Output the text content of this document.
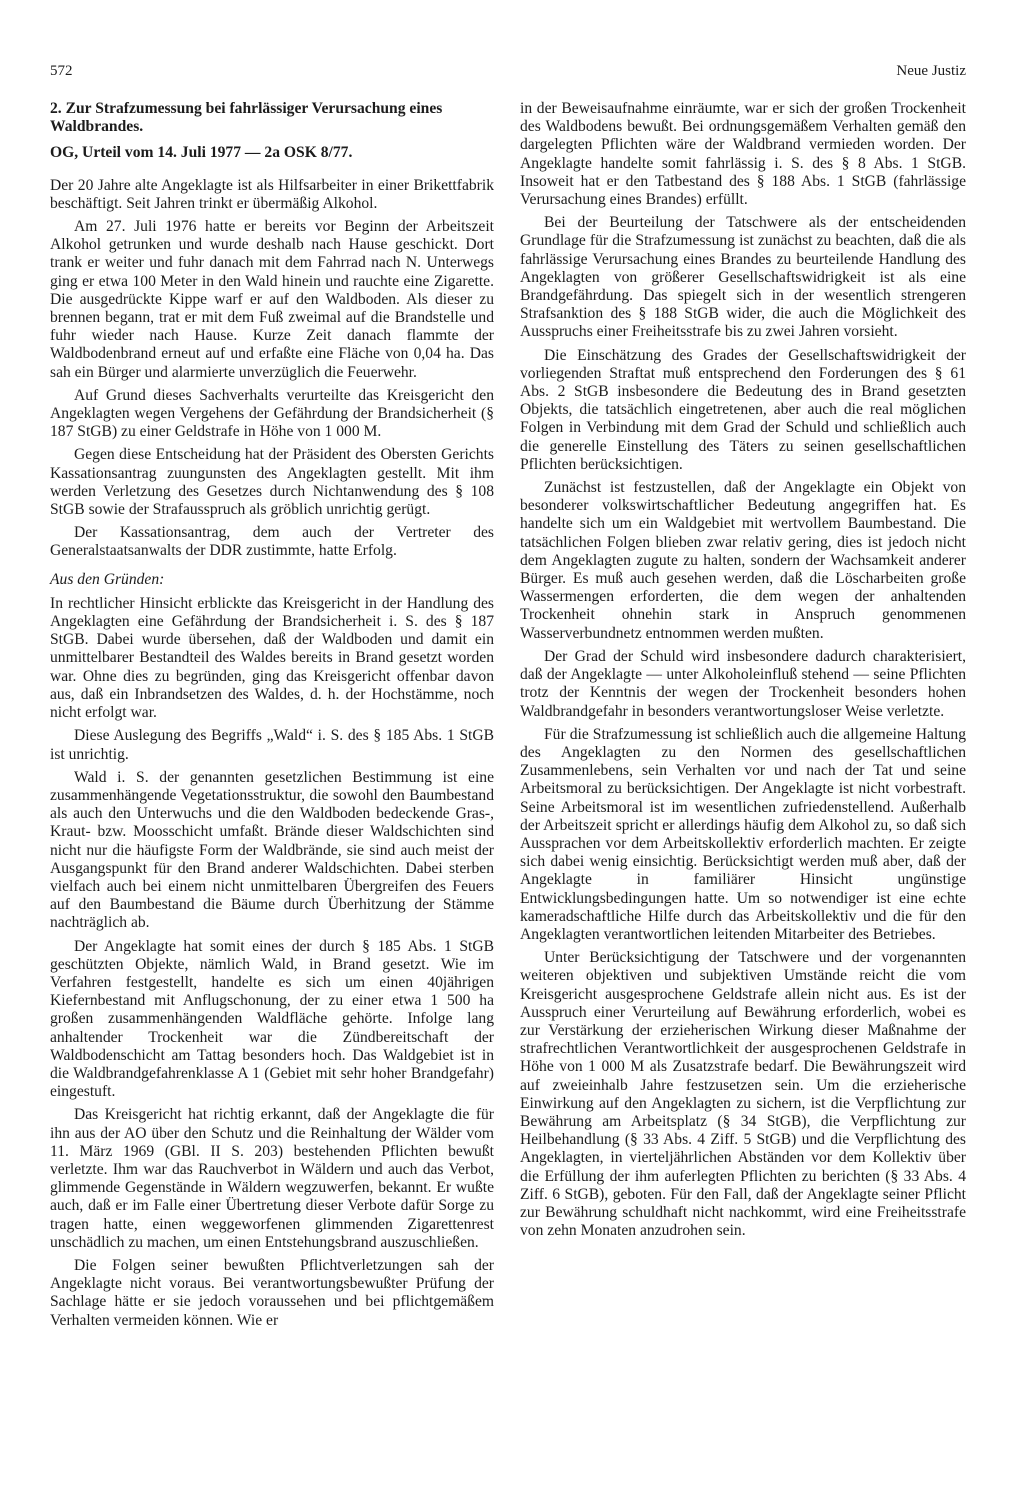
572	Neue Justiz
2. Zur Strafzumessung bei fahrlässiger Verursachung eines Waldbrandes.
OG, Urteil vom 14. Juli 1977 — 2a OSK 8/77.

Der 20 Jahre alte Angeklagte ist als Hilfsarbeiter in einer Brikettfabrik beschäftigt. Seit Jahren trinkt er übermäßig Alkohol.

Am 27. Juli 1976 hatte er bereits vor Beginn der Arbeitszeit Alkohol getrunken und wurde deshalb nach Hause geschickt. Dort trank er weiter und fuhr danach mit dem Fahrrad nach N. Unterwegs ging er etwa 100 Meter in den Wald hinein und rauchte eine Zigarette. Die ausgedrückte Kippe warf er auf den Waldboden. Als dieser zu brennen begann, trat er mit dem Fuß zweimal auf die Brandstelle und fuhr wieder nach Hause. Kurze Zeit danach flammte der Waldbodenbrand erneut auf und erfaßte eine Fläche von 0,04 ha. Das sah ein Bürger und alarmierte unverzüglich die Feuerwehr.

Auf Grund dieses Sachverhalts verurteilte das Kreisgericht den Angeklagten wegen Vergehens der Gefährdung der Brandsicherheit (§ 187 StGB) zu einer Geldstrafe in Höhe von 1 000 M.

Gegen diese Entscheidung hat der Präsident des Obersten Gerichts Kassationsantrag zuungunsten des Angeklagten gestellt. Mit ihm werden Verletzung des Gesetzes durch Nichtanwendung des § 108 StGB sowie der Strafausspruch als gröblich unrichtig gerügt.

Der Kassationsantrag, dem auch der Vertreter des Generalstaatsanwalts der DDR zustimmte, hatte Erfolg.

Aus den Gründen:

In rechtlicher Hinsicht erblickte das Kreisgericht in der Handlung des Angeklagten eine Gefährdung der Brandsicherheit i. S. des § 187 StGB. Dabei wurde übersehen, daß der Waldboden und damit ein unmittelbarer Bestandteil des Waldes bereits in Brand gesetzt worden war. Ohne dies zu begründen, ging das Kreisgericht offenbar davon aus, daß ein Inbrandsetzen des Waldes, d. h. der Hochstämme, noch nicht erfolgt war.

Diese Auslegung des Begriffs „Wald“ i. S. des § 185 Abs. 1 StGB ist unrichtig.

Wald i. S. der genannten gesetzlichen Bestimmung ist eine zusammenhängende Vegetationsstruktur, die sowohl den Baumbestand als auch den Unterwuchs und die den Waldboden bedeckende Gras-, Kraut- bzw. Moosschicht umfaßt. Brände dieser Waldschichten sind nicht nur die häufigste Form der Waldbrände, sie sind auch meist der Ausgangspunkt für den Brand anderer Waldschichten. Dabei sterben vielfach auch bei einem nicht unmittelbaren Übergreifen des Feuers auf den Baumbestand die Bäume durch Überhitzung der Stämme nachträglich ab.

Der Angeklagte hat somit eines der durch § 185 Abs. 1 StGB geschützten Objekte, nämlich Wald, in Brand gesetzt. Wie im Verfahren festgestellt, handelte es sich um einen 40jährigen Kiefernbestand mit Anflugschonung, der zu einer etwa 1 500 ha großen zusammenhängenden Waldfläche gehörte. Infolge lang anhaltender Trockenheit war die Zündbereitschaft der Waldbodenschicht am Tattag besonders hoch. Das Waldgebiet ist in die Waldbrandgefahrenklasse A 1 (Gebiet mit sehr hoher Brandgefahr) eingestuft.

Das Kreisgericht hat richtig erkannt, daß der Angeklagte die für ihn aus der AO über den Schutz und die Reinhaltung der Wälder vom 11. März 1969 (GBl. II S. 203) bestehenden Pflichten bewußt verletzte. Ihm war das Rauchverbot in Wäldern und auch das Verbot, glimmende Gegenstände in Wäldern wegzuwerfen, bekannt. Er wußte auch, daß er im Falle einer Übertretung dieser Verbote dafür Sorge zu tragen hatte, einen weggeworfenen glimmenden Zigarettenrest unschädlich zu machen, um einen Entstehungsbrand auszuschließen.

Die Folgen seiner bewußten Pflichtverletzungen sah der Angeklagte nicht voraus. Bei verantwortungsbewußter Prüfung der Sachlage hätte er sie jedoch voraussehen und bei pflichtgemäßem Verhalten vermeiden können. Wie er

in der Beweisaufnahme einräumte, war er sich der großen Trockenheit des Waldbodens bewußt. Bei ordnungsgemäßem Verhalten gemäß den dargelegten Pflichten wäre der Waldbrand vermieden worden. Der Angeklagte handelte somit fahrlässig i. S. des § 8 Abs. 1 StGB. Insoweit hat er den Tatbestand des § 188 Abs. 1 StGB (fahrlässige Verursachung eines Brandes) erfüllt.

Bei der Beurteilung der Tatschwere als der entscheidenden Grundlage für die Strafzumessung ist zunächst zu beachten, daß die als fahrlässige Verursachung eines Brandes zu beurteilende Handlung des Angeklagten von größerer Gesellschaftswidrigkeit ist als eine Brandgefährdung. Das spiegelt sich in der wesentlich strengeren Strafsanktion des § 188 StGB wider, die auch die Möglichkeit des Ausspruchs einer Freiheitsstrafe bis zu zwei Jahren vorsieht.

Die Einschätzung des Grades der Gesellschaftswidrigkeit der vorliegenden Straftat muß entsprechend den Forderungen des § 61 Abs. 2 StGB insbesondere die Bedeutung des in Brand gesetzten Objekts, die tatsächlich eingetretenen, aber auch die real möglichen Folgen in Verbindung mit dem Grad der Schuld und schließlich auch die generelle Einstellung des Täters zu seinen gesellschaftlichen Pflichten berücksichtigen.

Zunächst ist festzustellen, daß der Angeklagte ein Objekt von besonderer volkswirtschaftlicher Bedeutung angegriffen hat. Es handelte sich um ein Waldgebiet mit wertvollem Baumbestand. Die tatsächlichen Folgen blieben zwar relativ gering, dies ist jedoch nicht dem Angeklagten zugute zu halten, sondern der Wachsamkeit anderer Bürger. Es muß auch gesehen werden, daß die Löscharbeiten große Wassermengen erforderten, die dem wegen der anhaltenden Trockenheit ohnehin stark in Anspruch genommenen Wasserverbundnetz entnommen werden mußten.

Der Grad der Schuld wird insbesondere dadurch charakterisiert, daß der Angeklagte — unter Alkoholeinfluß stehend — seine Pflichten trotz der Kenntnis der wegen der Trockenheit besonders hohen Waldbrandgefahr in besonders verantwortungsloser Weise verletzte.

Für die Strafzumessung ist schließlich auch die allgemeine Haltung des Angeklagten zu den Normen des gesellschaftlichen Zusammenlebens, sein Verhalten vor und nach der Tat und seine Arbeitsmoral zu berücksichtigen. Der Angeklagte ist nicht vorbestraft. Seine Arbeitsmoral ist im wesentlichen zufriedenstellend. Außerhalb der Arbeitszeit spricht er allerdings häufig dem Alkohol zu, so daß sich Aussprachen vor dem Arbeitskollektiv erforderlich machten. Er zeigte sich dabei wenig einsichtig. Berücksichtigt werden muß aber, daß der Angeklagte in familiärer Hinsicht ungünstige Entwicklungsbedingungen hatte. Um so notwendiger ist eine echte kameradschaftliche Hilfe durch das Arbeitskollektiv und die für den Angeklagten verantwortlichen leitenden Mitarbeiter des Betriebes.

Unter Berücksichtigung der Tatschwere und der vorgenannten weiteren objektiven und subjektiven Umstände reicht die vom Kreisgericht ausgesprochene Geldstrafe allein nicht aus. Es ist der Ausspruch einer Verurteilung auf Bewährung erforderlich, wobei es zur Verstärkung der erzieherischen Wirkung dieser Maßnahme der strafrechtlichen Verantwortlichkeit der ausgesprochenen Geldstrafe in Höhe von 1 000 M als Zusatzstrafe bedarf. Die Bewährungszeit wird auf zweieinhalb Jahre festzusetzen sein. Um die erzieherische Einwirkung auf den Angeklagten zu sichern, ist die Verpflichtung zur Bewährung am Arbeitsplatz (§ 34 StGB), die Verpflichtung zur Heilbehandlung (§ 33 Abs. 4 Ziff. 5 StGB) und die Verpflichtung des Angeklagten, in vierteljährlichen Abständen vor dem Kollektiv über die Erfüllung der ihm auferlegten Pflichten zu berichten (§ 33 Abs. 4 Ziff. 6 StGB), geboten. Für den Fall, daß der Angeklagte seiner Pflicht zur Bewährung schuldhaft nicht nachkommt, wird eine Freiheitsstrafe von zehn Monaten anzudrohen sein.
